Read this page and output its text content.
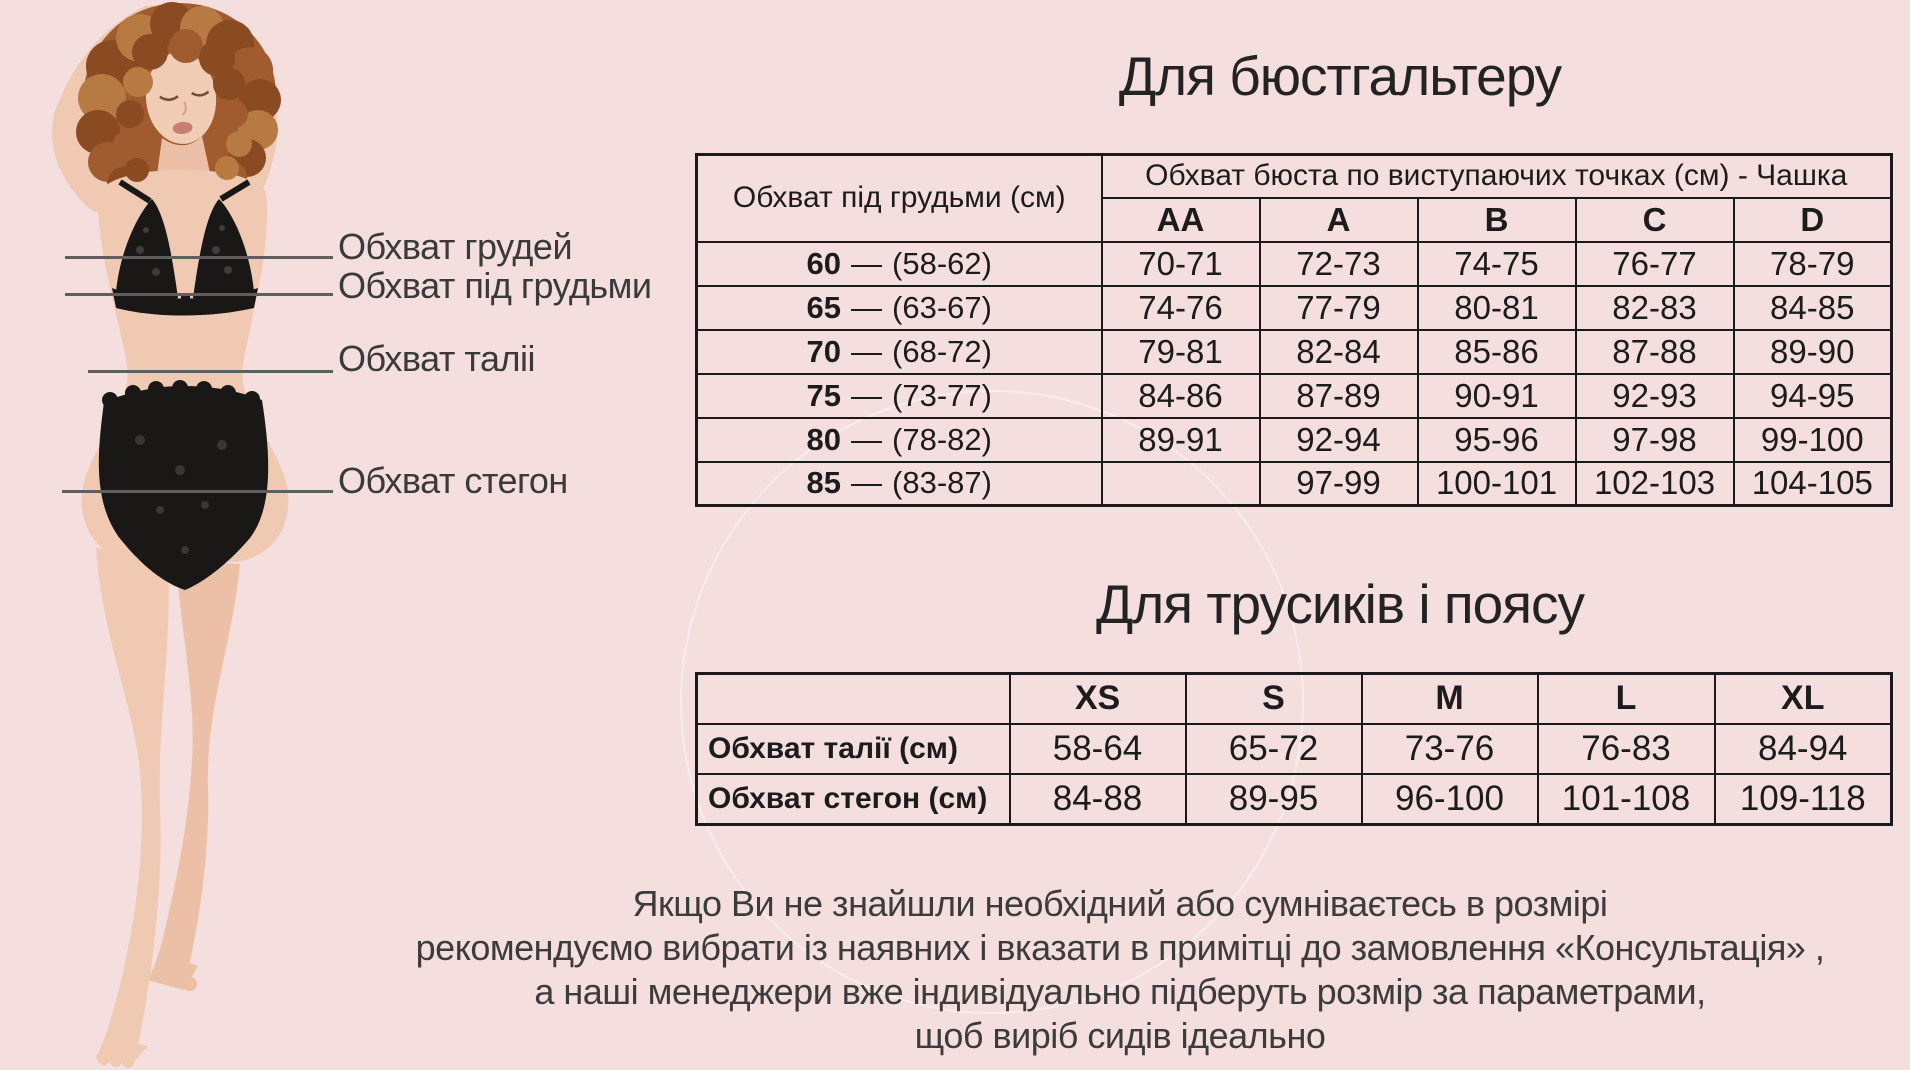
Обхват грудей
Обхват під грудьми
Обхват таліі
Обхват стегон
Для бюстгальтеру
Обхват під грудьми (см)	Обхват бюста по виступаючих точках (см) - Чашка				
	AA	A	B	C	D
60 — (58-62)	70-71	72-73	74-75	76-77	78-79
65 — (63-67)	74-76	77-79	80-81	82-83	84-85
70 — (68-72)	79-81	82-84	85-86	87-88	89-90
75 — (73-77)	84-86	87-89	90-91	92-93	94-95
80 — (78-82)	89-91	92-94	95-96	97-98	99-100
85 — (83-87)		97-99	100-101	102-103	104-105
Для трусиків і поясу
	XS	S	M	L	XL
Обхват талії (см)	58-64	65-72	73-76	76-83	84-94
Обхват стегон (см)	84-88	89-95	96-100	101-108	109-118
Якщо Ви не знайшли необхідний або сумніваєтесь в розмірі
рекомендуємо вибрати із наявних і вказати в примітці до замовлення «Консультація» ,
а наші менеджери вже індивідуально підберуть розмір за параметрами,
щоб виріб сидів ідеально
